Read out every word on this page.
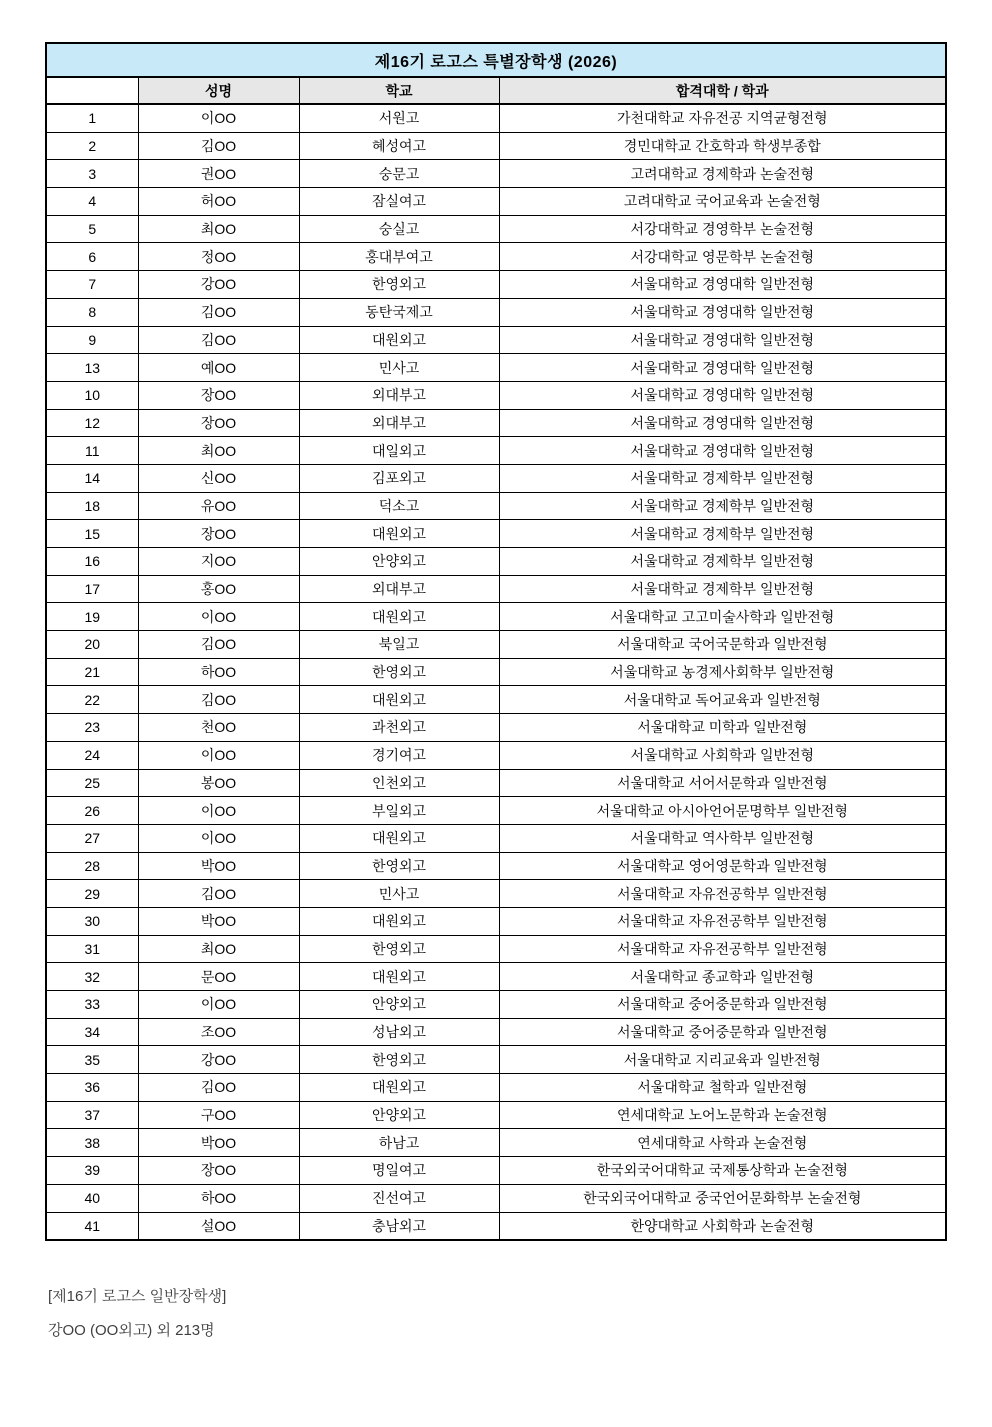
제16기 로고스 특별장학생 (2026)			
	성명	학교	합격대학 / 학과
1	이OO	서원고	가천대학교 자유전공 지역균형전형
2	김OO	혜성여고	경민대학교 간호학과 학생부종합
3	권OO	숭문고	고려대학교 경제학과 논술전형
4	허OO	잠실여고	고려대학교 국어교육과 논술전형
5	최OO	숭실고	서강대학교 경영학부 논술전형
6	정OO	홍대부여고	서강대학교 영문학부 논술전형
7	강OO	한영외고	서울대학교 경영대학 일반전형
8	김OO	동탄국제고	서울대학교 경영대학 일반전형
9	김OO	대원외고	서울대학교 경영대학 일반전형
13	예OO	민사고	서울대학교 경영대학 일반전형
10	장OO	외대부고	서울대학교 경영대학 일반전형
12	장OO	외대부고	서울대학교 경영대학 일반전형
11	최OO	대일외고	서울대학교 경영대학 일반전형
14	신OO	김포외고	서울대학교 경제학부 일반전형
18	유OO	덕소고	서울대학교 경제학부 일반전형
15	장OO	대원외고	서울대학교 경제학부 일반전형
16	지OO	안양외고	서울대학교 경제학부 일반전형
17	홍OO	외대부고	서울대학교 경제학부 일반전형
19	이OO	대원외고	서울대학교 고고미술사학과 일반전형
20	김OO	북일고	서울대학교 국어국문학과 일반전형
21	하OO	한영외고	서울대학교 농경제사회학부 일반전형
22	김OO	대원외고	서울대학교 독어교육과 일반전형
23	천OO	과천외고	서울대학교 미학과 일반전형
24	이OO	경기여고	서울대학교 사회학과 일반전형
25	봉OO	인천외고	서울대학교 서어서문학과 일반전형
26	이OO	부일외고	서울대학교 아시아언어문명학부 일반전형
27	이OO	대원외고	서울대학교 역사학부 일반전형
28	박OO	한영외고	서울대학교 영어영문학과 일반전형
29	김OO	민사고	서울대학교 자유전공학부 일반전형
30	박OO	대원외고	서울대학교 자유전공학부 일반전형
31	최OO	한영외고	서울대학교 자유전공학부 일반전형
32	문OO	대원외고	서울대학교 종교학과 일반전형
33	이OO	안양외고	서울대학교 중어중문학과 일반전형
34	조OO	성남외고	서울대학교 중어중문학과 일반전형
35	강OO	한영외고	서울대학교 지리교육과 일반전형
36	김OO	대원외고	서울대학교 철학과 일반전형
37	구OO	안양외고	연세대학교 노어노문학과 논술전형
38	박OO	하남고	연세대학교 사학과 논술전형
39	장OO	명일여고	한국외국어대학교 국제통상학과 논술전형
40	하OO	진선여고	한국외국어대학교 중국언어문화학부 논술전형
41	설OO	충남외고	한양대학교 사회학과 논술전형
[제16기 로고스 일반장학생]
강OO (OO외고) 외 213명
